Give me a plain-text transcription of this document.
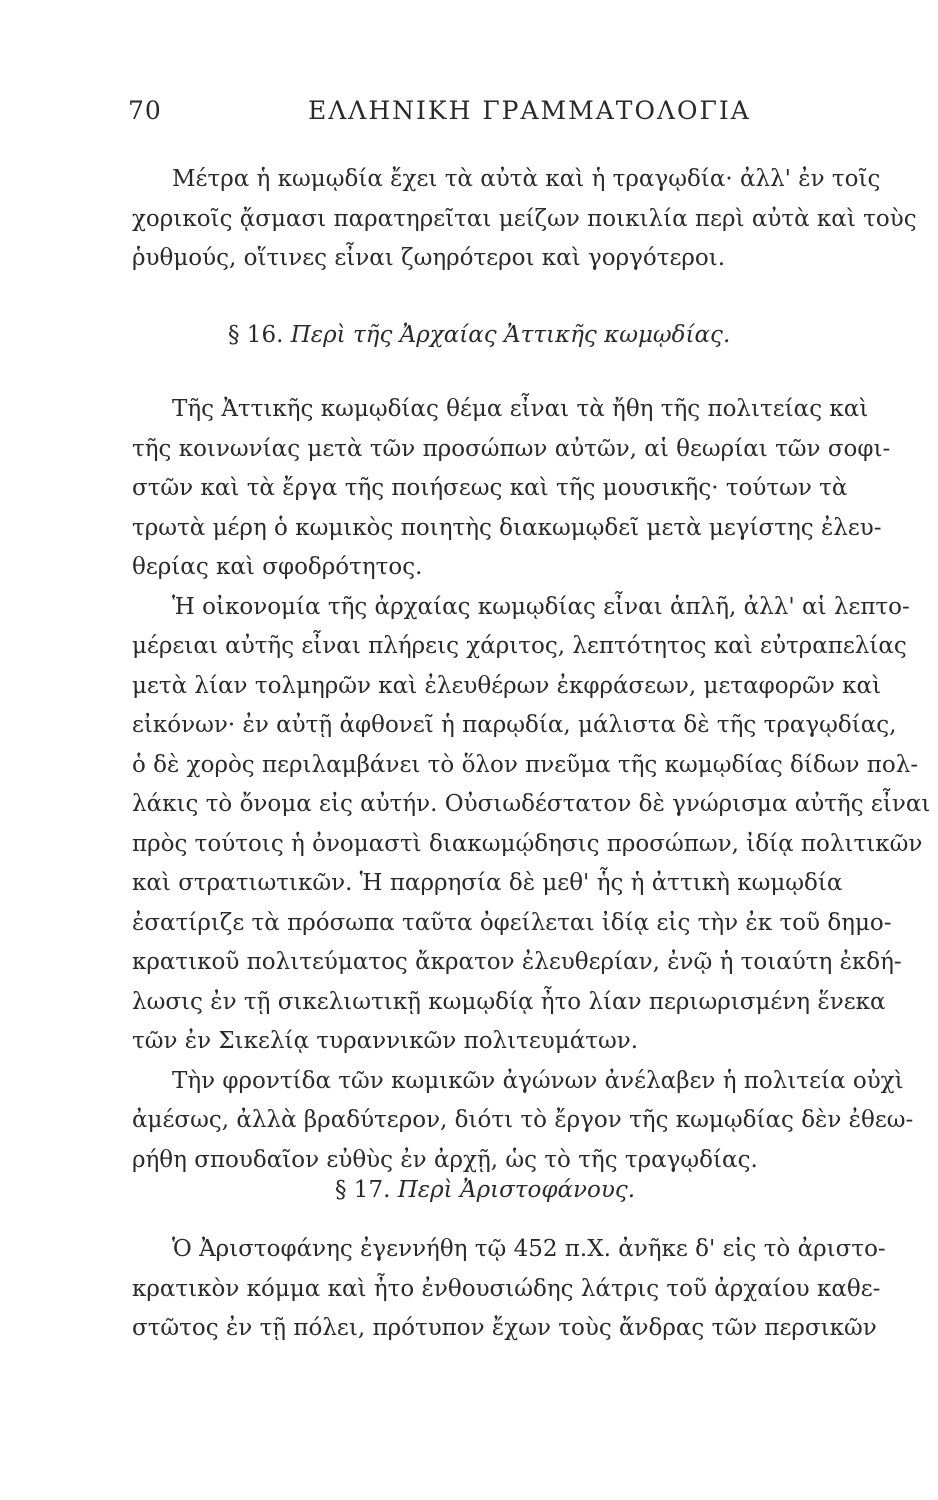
70	ΕΛΛΗΝΙΚΗ ΓΡΑΜΜΑΤΟΛΟΓΙΑ
Μέτρα ἡ κωμῳδία ἔχει τὰ αὐτὰ καὶ ἡ τραγῳδία· ἀλλ' ἐν τοῖς
χορικοῖς ᾄσμασι παρατηρεῖται μείζων ποικιλία περὶ αὐτὰ καὶ τοὺς
ῥυθμούς, οἵτινες εἶναι ζωηρότεροι καὶ γοργότεροι.
§ 16. Περὶ τῆς Ἀρχαίας Ἀττικῆς κωμῳδίας.
Τῆς Ἀττικῆς κωμῳδίας θέμα εἶναι τὰ ἤθη τῆς πολιτείας καὶ
τῆς κοινωνίας μετὰ τῶν προσώπων αὐτῶν, αἱ θεωρίαι τῶν σοφι-
στῶν καὶ τὰ ἔργα τῆς ποιήσεως καὶ τῆς μουσικῆς· τούτων τὰ
τρωτὰ μέρη ὁ κωμικὸς ποιητὴς διακωμῳδεῖ μετὰ μεγίστης ἐλευ-
θερίας καὶ σφοδρότητος.
Ἡ οἰκονομία τῆς ἀρχαίας κωμῳδίας εἶναι ἁπλῆ, ἀλλ' αἱ λεπτο-
μέρειαι αὐτῆς εἶναι πλήρεις χάριτος, λεπτότητος καὶ εὐτραπελίας
μετὰ λίαν τολμηρῶν καὶ ἐλευθέρων ἐκφράσεων, μεταφορῶν καὶ
εἰκόνων· ἐν αὐτῇ ἀφθονεῖ ἡ παρῳδία, μάλιστα δὲ τῆς τραγῳδίας,
ὁ δὲ χορὸς περιλαμβάνει τὸ ὅλον πνεῦμα τῆς κωμῳδίας δίδων πολ-
λάκις τὸ ὄνομα εἰς αὐτήν. Οὐσιωδέστατον δὲ γνώρισμα αὐτῆς εἶναι
πρὸς τούτοις ἡ ὀνομαστὶ διακωμῴδησις προσώπων, ἰδίᾳ πολιτικῶν
καὶ στρατιωτικῶν. Ἡ παρρησία δὲ μεθ' ἧς ἡ ἀττικὴ κωμῳδία
ἐσατίριζε τὰ πρόσωπα ταῦτα ὀφείλεται ἰδίᾳ εἰς τὴν ἐκ τοῦ δημο-
κρατικοῦ πολιτεύματος ἄκρατον ἐλευθερίαν, ἐνῷ ἡ τοιαύτη ἐκδή-
λωσις ἐν τῇ σικελιωτικῇ κωμῳδίᾳ ἦτο λίαν περιωρισμένη ἕνεκα
τῶν ἐν Σικελίᾳ τυραννικῶν πολιτευμάτων.
Τὴν φροντίδα τῶν κωμικῶν ἀγώνων ἀνέλαβεν ἡ πολιτεία οὐχὶ
ἀμέσως, ἀλλὰ βραδύτερον, διότι τὸ ἔργον τῆς κωμῳδίας δὲν ἐθεω-
ρήθη σπουδαῖον εὐθὺς ἐν ἀρχῇ, ὡς τὸ τῆς τραγῳδίας.
§ 17. Περὶ Ἀριστοφάνους.
Ὁ Ἀριστοφάνης ἐγεννήθη τῷ 452 π.Χ. ἀνῆκε δ' εἰς τὸ ἀριστο-
κρατικὸν κόμμα καὶ ἦτο ἐνθουσιώδης λάτρις τοῦ ἀρχαίου καθε-
στῶτος ἐν τῇ πόλει, πρότυπον ἔχων τοὺς ἄνδρας τῶν περσικῶν
